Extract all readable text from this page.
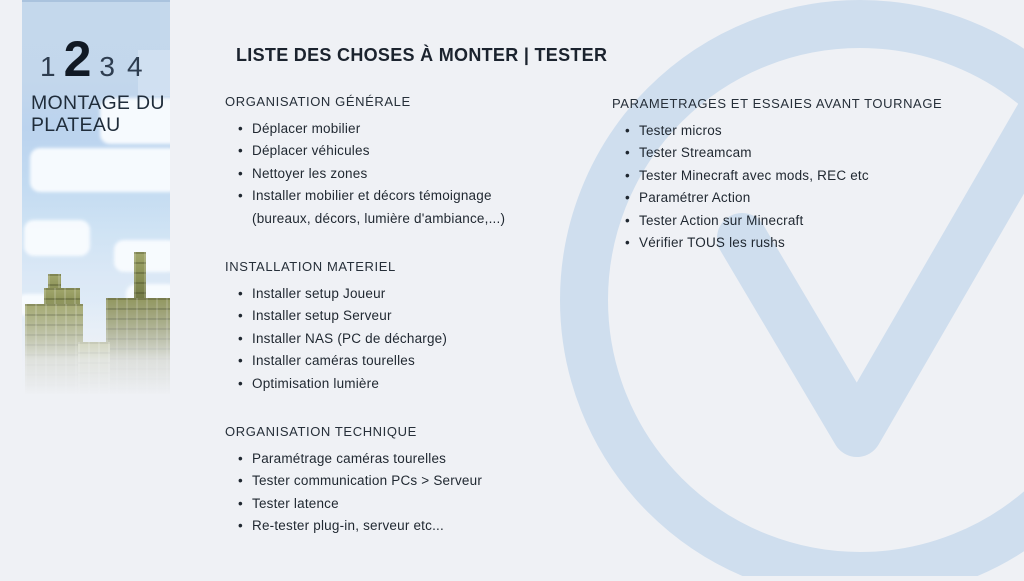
1 2 3 4
MONTAGE DU PLATEAU
LISTE DES CHOSES À MONTER | TESTER
ORGANISATION GÉNÉRALE
• Déplacer mobilier
• Déplacer véhicules
• Nettoyer les zones
• Installer mobilier et décors témoignage (bureaux, décors, lumière d'ambiance,...)
INSTALLATION MATERIEL
• Installer setup Joueur
• Installer setup Serveur
• Installer NAS (PC de décharge)
• Installer caméras tourelles
• Optimisation lumière
ORGANISATION TECHNIQUE
• Paramétrage caméras tourelles
• Tester communication PCs > Serveur
• Tester latence
• Re-tester plug-in, serveur etc...
PARAMETRAGES ET ESSAIES AVANT TOURNAGE
• Tester micros
• Tester Streamcam
• Tester Minecraft avec mods, REC etc
• Paramétrer Action
• Tester Action sur Minecraft
• Vérifier TOUS les rushs
